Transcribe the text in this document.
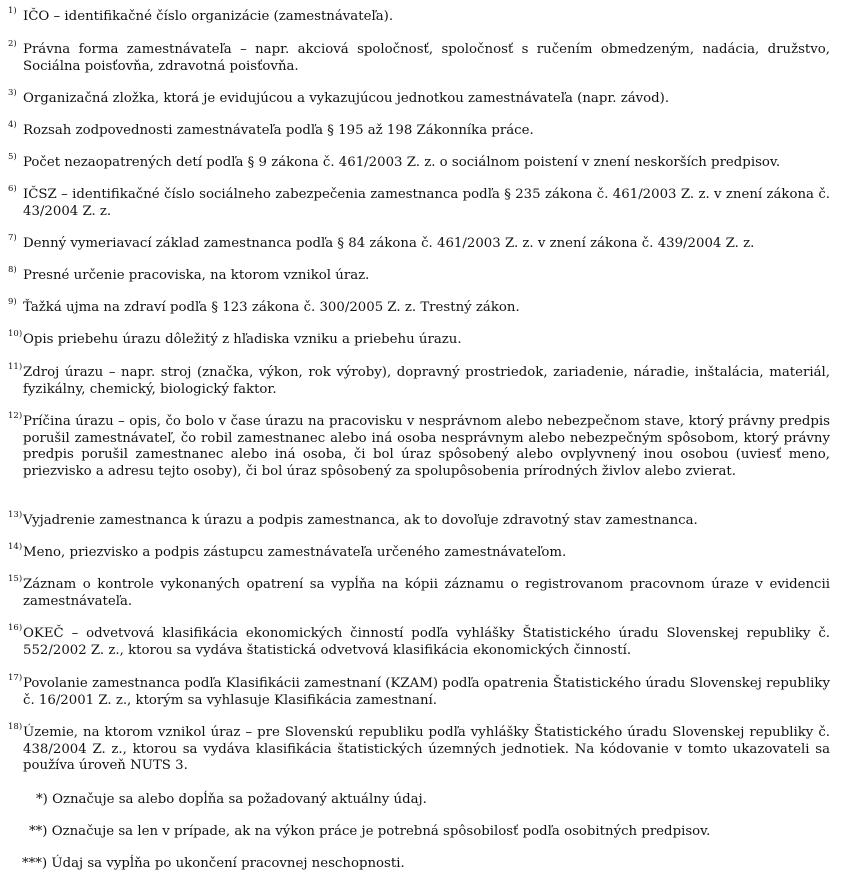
1) IČO – identifikačné číslo organizácie (zamestnávateľa).
2) Právna forma zamestnávateľa – napr. akciová spoločnosť, spoločnosť s ručením obmedzeným, nadácia, družstvo, Sociálna poisťovňa, zdravotná poisťovňa.
3) Organizačná zložka, ktorá je evidujúcou a vykazujúcou jednotkou zamestnávateľa (napr. závod).
4) Rozsah zodpovednosti zamestnávateľa podľa § 195 až 198 Zákonníka práce.
5) Počet nezaopatrených detí podľa § 9 zákona č. 461/2003 Z. z. o sociálnom poistení v znení neskorších predpisov.
6) IČSZ – identifikačné číslo sociálneho zabezpečenia zamestnanca podľa § 235 zákona č. 461/2003 Z. z. v znení zákona č. 43/2004 Z. z.
7) Denný vymeriavací základ zamestnanca podľa § 84 zákona č. 461/2003 Z. z. v znení zákona č. 439/2004 Z. z.
8) Presné určenie pracoviska, na ktorom vznikol úraz.
9) Ťažká ujma na zdraví podľa § 123 zákona č. 300/2005 Z. z. Trestný zákon.
10) Opis priebehu úrazu dôležitý z hľadiska vzniku a priebehu úrazu.
11) Zdroj úrazu – napr. stroj (značka, výkon, rok výroby), dopravný prostriedok, zariadenie, náradie, inštalácia, materiál, fyzikálny, chemický, biologický faktor.
12) Príčina úrazu – opis, čo bolo v čase úrazu na pracovisku v nesprávnom alebo nebezpečnom stave, ktorý právny predpis porušil zamestnávateľ, čo robil zamestnanec alebo iná osoba nesprávnym alebo nebezpečným spôsobom, ktorý právny predpis porušil zamestnanec alebo iná osoba, či bol úraz spôsobený alebo ovplyvnený inou osobou (uviesť meno, priezvisko a adresu tejto osoby), či bol úraz spôsobený za spolupôsobenia prírodných živlov alebo zvierat.
13) Vyjadrenie zamestnanca k úrazu a podpis zamestnanca, ak to dovoľuje zdravotný stav zamestnanca.
14) Meno, priezvisko a podpis zástupcu zamestnávateľa určeného zamestnávateľom.
15) Záznam o kontrole vykonaných opatrení sa vypĺňa na kópii záznamu o registrovanom pracovnom úraze v evidencii zamestnávateľa.
16) OKEČ – odvetvová klasifikácia ekonomických činností podľa vyhlášky Štatistického úradu Slovenskej republiky č. 552/2002 Z. z., ktorou sa vydáva štatistická odvetvová klasifikácia ekonomických činností.
17) Povolanie zamestnanca podľa Klasifikácii zamestnaní (KZAM) podľa opatrenia Štatistického úradu Slovenskej republiky č. 16/2001 Z. z., ktorým sa vyhlasuje Klasifikácia zamestnaní.
18) Územie, na ktorom vznikol úraz – pre Slovenskú republiku podľa vyhlášky Štatistického úradu Slovenskej republiky č. 438/2004 Z. z., ktorou sa vydáva klasifikácia štatistických územných jednotiek. Na kódovanie v tomto ukazovateli sa používa úroveň NUTS 3.
*) Označuje sa alebo dopĺňa sa požadovaný aktuálny údaj.
**) Označuje sa len v prípade, ak na výkon práce je potrebná spôsobilosť podľa osobitných predpisov.
***) Údaj sa vypĺňa po ukončení pracovnej neschopnosti.
